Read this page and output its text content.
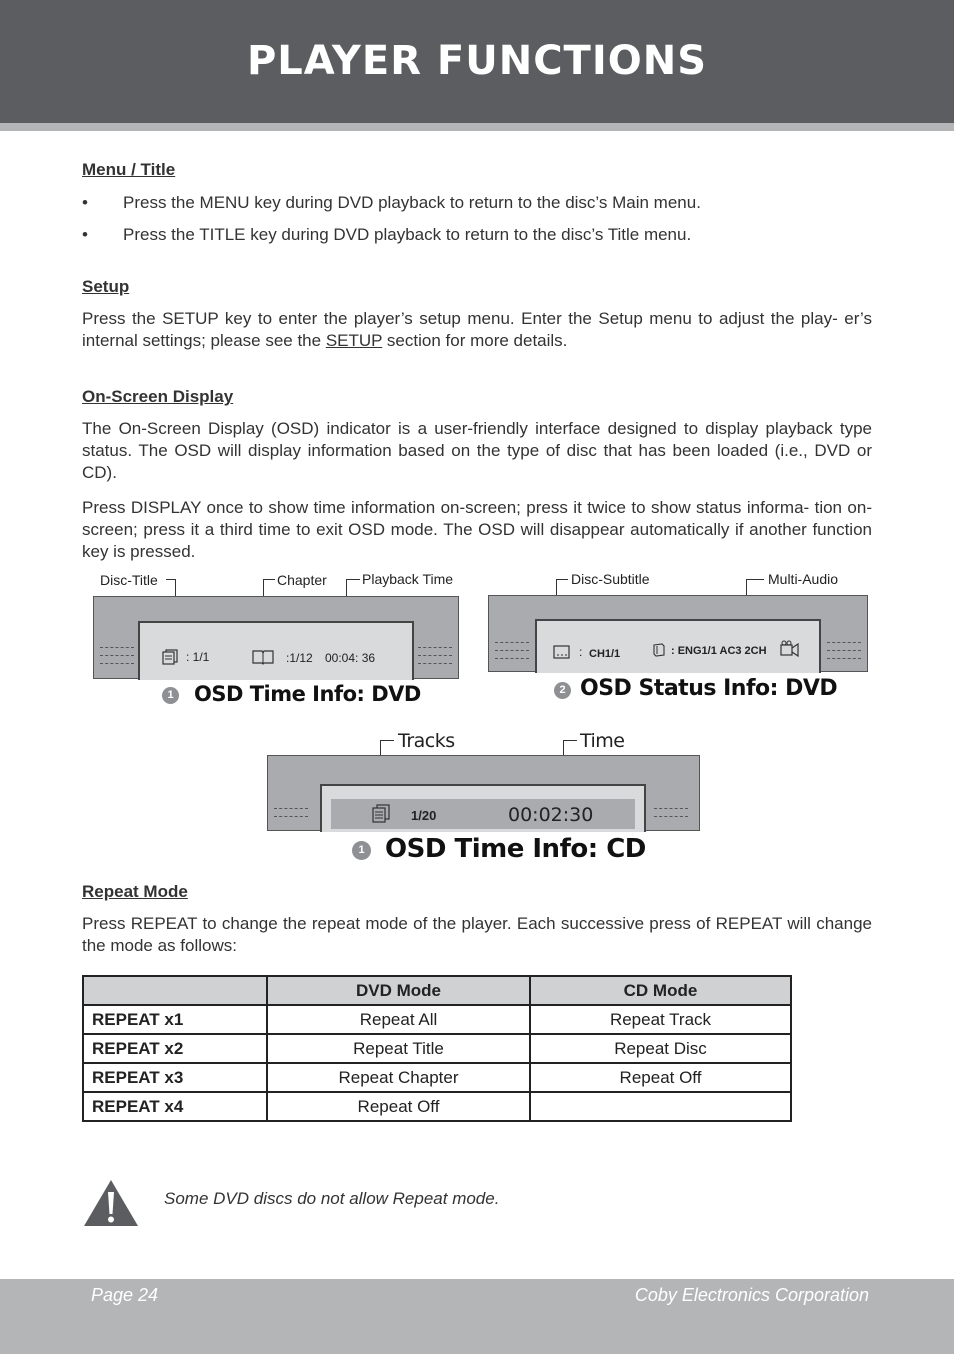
PLAYER FUNCTIONS
Menu / Title
• Press the MENU key during DVD playback to return to the disc’s Main menu.
• Press the TITLE key during DVD playback to return to the disc’s Title menu.
Setup

Press the SETUP key to enter the player’s setup menu. Enter the Setup menu to adjust the play- er’s internal settings; please see the SETUP section for more details.

On-Screen Display

The On-Screen Display (OSD) indicator is a user-friendly interface designed to display playback type status. The OSD will display information based on the type of disc that has been loaded (i.e., DVD or CD).

Press DISPLAY once to show time information on-screen; press it twice to show status informa- tion on-screen; press it a third time to exit OSD mode. The OSD will disappear automatically if another function key is pressed.

Disc-Title	Chapter	Playback Time
: 1/1	:1/12 00:04: 36
1 OSD Time Info: DVD
Disc-Subtitle	Multi-Audio
: CH1/1	: ENG1/1 AC3 2CH
2 OSD Status Info: DVD
Tracks	Time
1/20	00:02:30
1 OSD Time Info: CD
Repeat Mode

Press REPEAT to change the repeat mode of the player. Each successive press of REPEAT will change the mode as follows:

	DVD Mode	CD Mode
REPEAT x1	Repeat All	Repeat Track
REPEAT x2	Repeat Title	Repeat Disc
REPEAT x3	Repeat Chapter	Repeat Off
REPEAT x4	Repeat Off	
Some DVD discs do not allow Repeat mode.
Page 24	Coby Electronics Corporation
